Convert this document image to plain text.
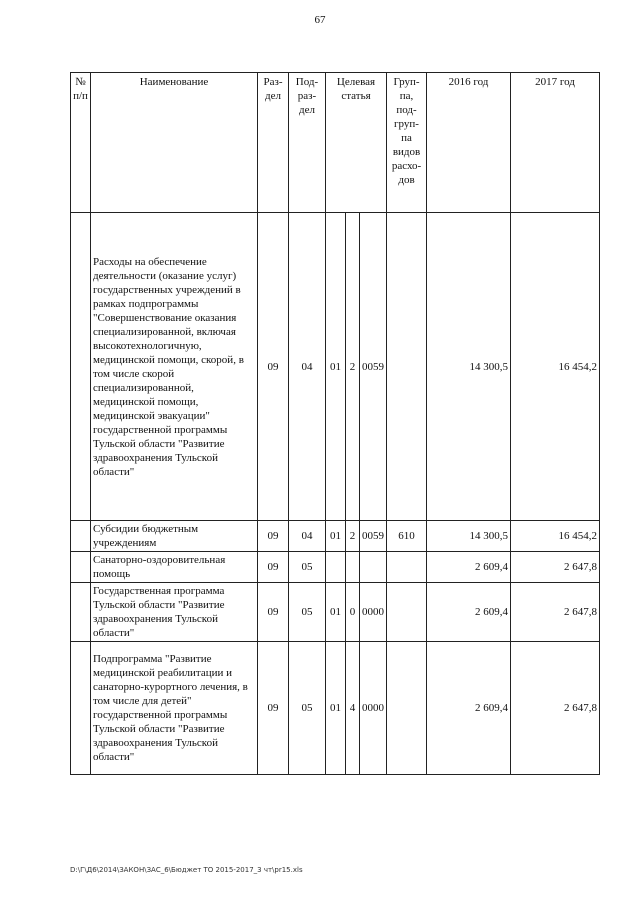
67
№ п/п	Наименование	Раз-дел	Под-раз-дел	Целевая статья			Груп-па, под-груп-па видов расхо-дов	2016 год	2017 год
	Расходы на обеспечение деятельности (оказание услуг) государственных учреждений в рамках подпрограммы "Совершенствование оказания специализированной, включая высокотехнологичную, медицинской помощи, скорой, в том числе скорой специализированной, медицинской помощи, медицинской эвакуации" государственной программы Тульской области "Развитие здравоохранения Тульской области"	09	04	01	2	0059		14 300,5	16 454,2
	Субсидии бюджетным учреждениям	09	04	01	2	0059	610	14 300,5	16 454,2
	Санаторно-оздоровительная помощь	09	05					2 609,4	2 647,8
	Государственная программа Тульской области "Развитие здравоохранения Тульской области"	09	05	01	0	0000		2 609,4	2 647,8
	Подпрограмма "Развитие медицинской реабилитации и санаторно-курортного лечения, в том числе для детей" государственной программы Тульской области "Развитие здравоохранения Тульской области"	09	05	01	4	0000		2 609,4	2 647,8
D:\Г\Д6\2014\ЗАКОН\ЗАС_6\Бюджет ТО 2015-2017_3 чт\pr15.xls
